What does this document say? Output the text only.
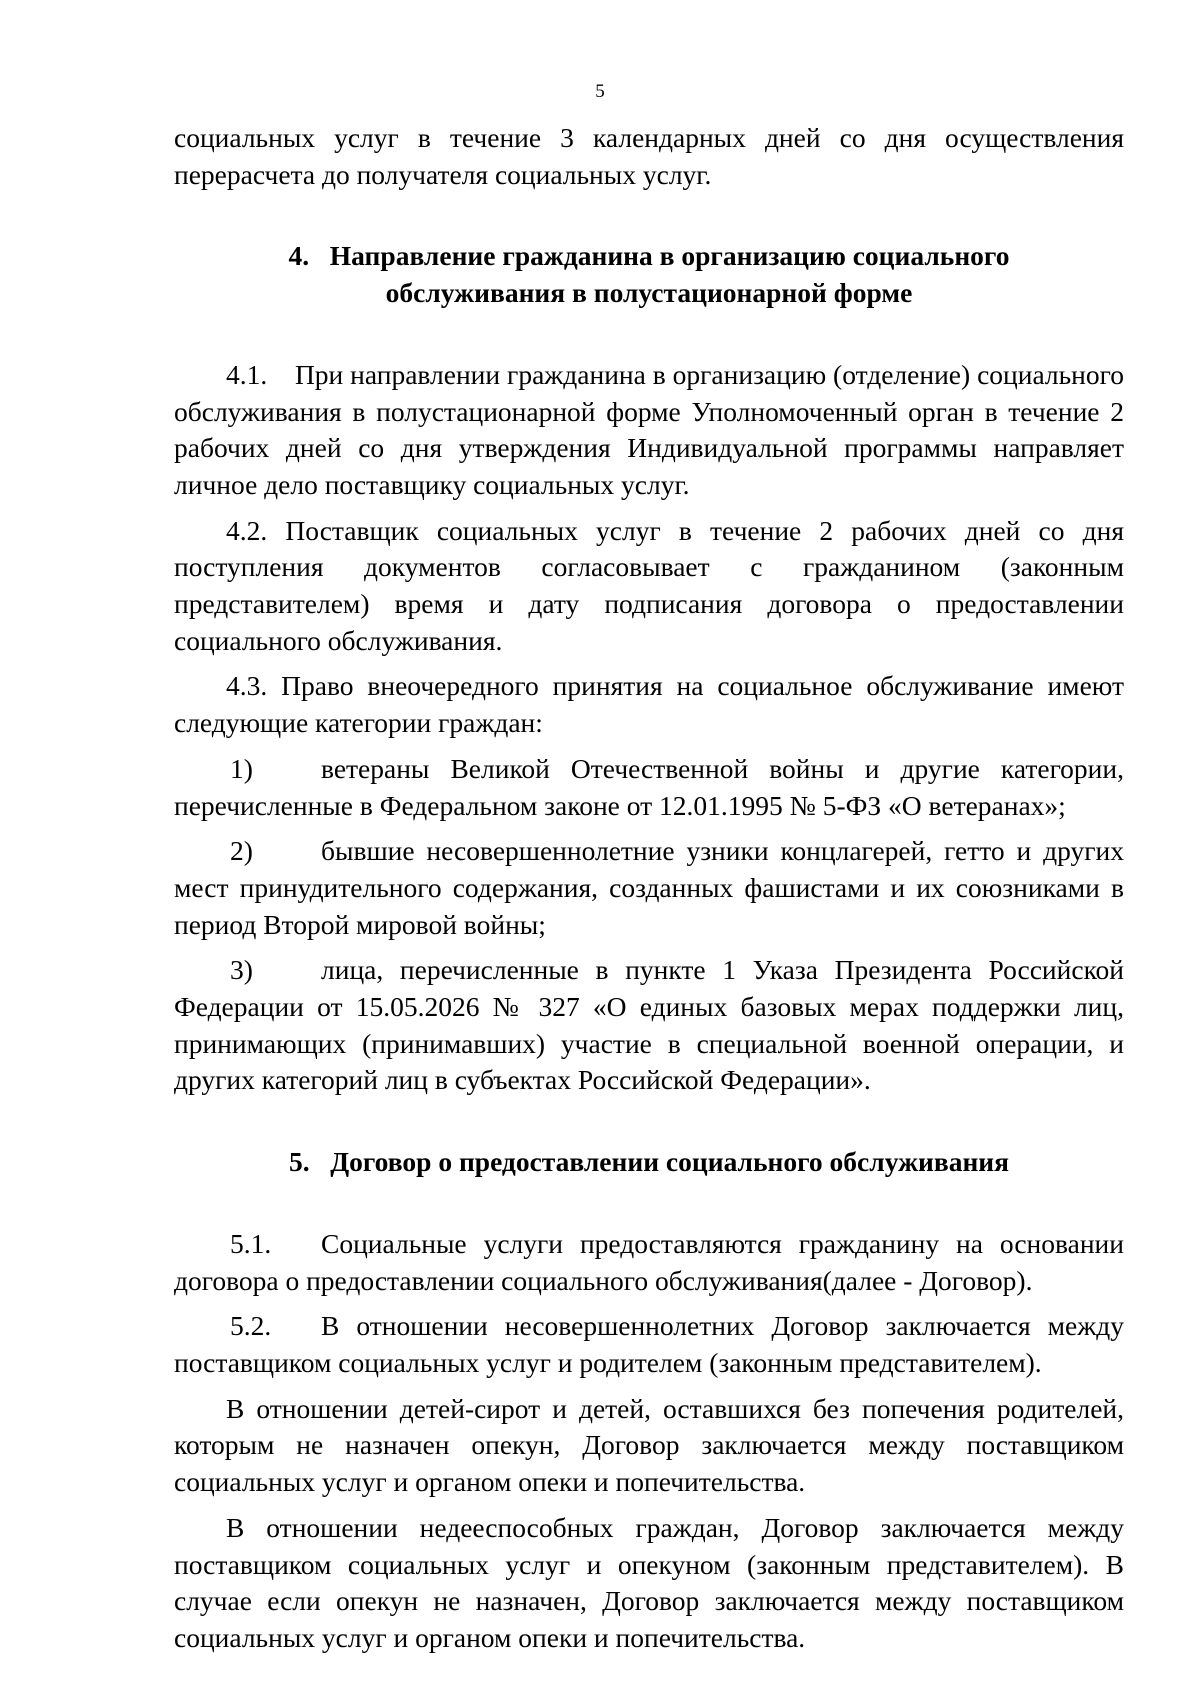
5

социальных услуг в течение 3 календарных дней со дня осуществления перерасчета до получателя социальных услуг.

4. Направление гражданина в организацию социального
обслуживания в полустационарной форме

4.1. При направлении гражданина в организацию (отделение) социального обслуживания в полустационарной форме Уполномоченный орган в течение 2 рабочих дней со дня утверждения Индивидуальной программы направляет личное дело поставщику социальных услуг.

4.2. Поставщик социальных услуг в течение 2 рабочих дней со дня поступления документов согласовывает с гражданином (законным представителем) время и дату подписания договора о предоставлении социального обслуживания.

4.3. Право внеочередного принятия на социальное обслуживание имеют следующие категории граждан:

1) ветераны Великой Отечественной войны и другие категории, перечисленные в Федеральном законе от 12.01.1995 № 5-ФЗ «О ветеранах»;

2) бывшие несовершеннолетние узники концлагерей, гетто и других мест принудительного содержания, созданных фашистами и их союзниками в период Второй мировой войны;

3) лица, перечисленные в пункте 1 Указа Президента Российской Федерации от 15.05.2026 № 327 «О единых базовых мерах поддержки лиц, принимающих (принимавших) участие в специальной военной операции, и других категорий лиц в субъектах Российской Федерации».

5. Договор о предоставлении социального обслуживания

5.1. Социальные услуги предоставляются гражданину на основании договора о предоставлении социального обслуживания(далее - Договор).

5.2. В отношении несовершеннолетних Договор заключается между поставщиком социальных услуг и родителем (законным представителем).

В отношении детей-сирот и детей, оставшихся без попечения родителей, которым не назначен опекун, Договор заключается между поставщиком социальных услуг и органом опеки и попечительства.

В отношении недееспособных граждан, Договор заключается между поставщиком социальных услуг и опекуном (законным представителем). В случае если опекун не назначен, Договор заключается между поставщиком социальных услуг и органом опеки и попечительства.
